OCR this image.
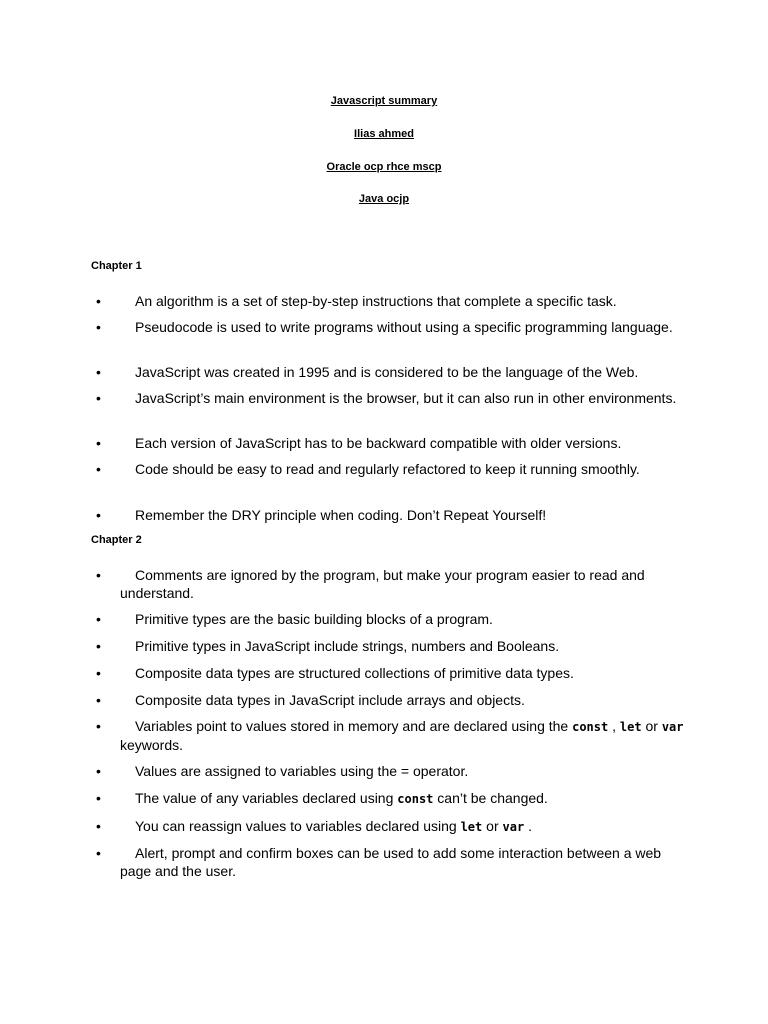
Javascript summary
Ilias ahmed
Oracle ocp rhce mscp
Java ocjp
Chapter 1
•	An algorithm is a set of step-by-step instructions that complete a specific task.
•	Pseudocode is used to write programs without using a specific programming language.
•	JavaScript was created in 1995 and is considered to be the language of the Web.
•	JavaScript’s main environment is the browser, but it can also run in other environments.
•	Each version of JavaScript has to be backward compatible with older versions.
•	Code should be easy to read and regularly refactored to keep it running smoothly.
•	Remember the DRY principle when coding. Don’t Repeat Yourself!
Chapter 2
•	Comments are ignored by the program, but make your program easier to read and understand.
•	Primitive types are the basic building blocks of a program.
•	Primitive types in JavaScript include strings, numbers and Booleans.
•	Composite data types are structured collections of primitive data types.
•	Composite data types in JavaScript include arrays and objects.
•	Variables point to values stored in memory and are declared using the const , let or var keywords.
•	Values are assigned to variables using the = operator.
•	The value of any variables declared using const can’t be changed.
•	You can reassign values to variables declared using let or var .
•	Alert, prompt and confirm boxes can be used to add some interaction between a web page and the user.
